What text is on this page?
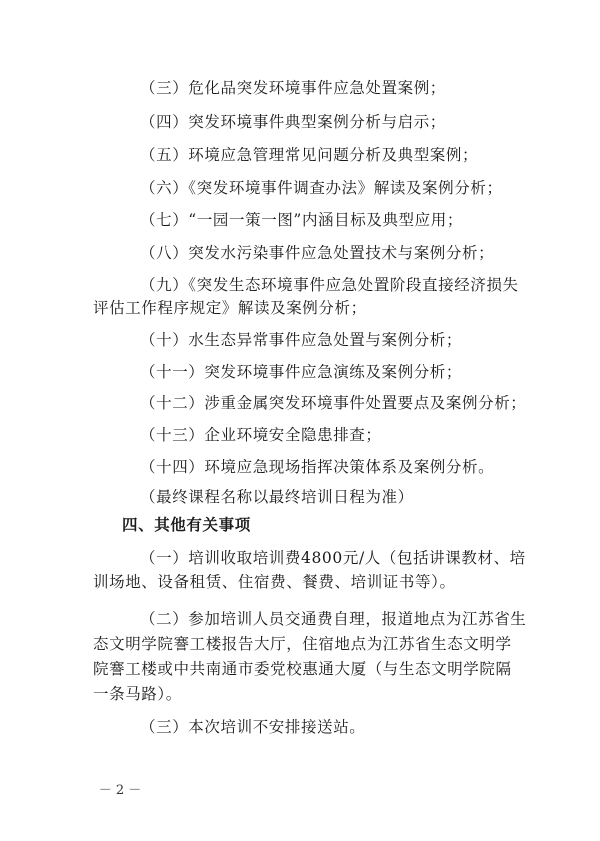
（三）危化品突发环境事件应急处置案例；
（四）突发环境事件典型案例分析与启示；
（五）环境应急管理常见问题分析及典型案例；
（六）《突发环境事件调查办法》解读及案例分析；
（七）“一园一策一图”内涵目标及典型应用；
（八）突发水污染事件应急处置技术与案例分析；
（九）《突发生态环境事件应急处置阶段直接经济损失
评估工作程序规定》解读及案例分析；
（十）水生态异常事件应急处置与案例分析；
（十一）突发环境事件应急演练及案例分析；
（十二）涉重金属突发环境事件处置要点及案例分析；
（十三）企业环境安全隐患排查；
（十四）环境应急现场指挥决策体系及案例分析。
（最终课程名称以最终培训日程为准）
四、其他有关事项
（一）培训收取培训费4800元/人（包括讲课教材、培
训场地、设备租赁、住宿费、餐费、培训证书等）。
（二）参加培训人员交通费自理，报道地点为江苏省生
态文明学院謇工楼报告大厅，住宿地点为江苏省生态文明学
院謇工楼或中共南通市委党校惠通大厦（与生态文明学院隔
一条马路）。
（三）本次培训不安排接送站。
－ 2 －
